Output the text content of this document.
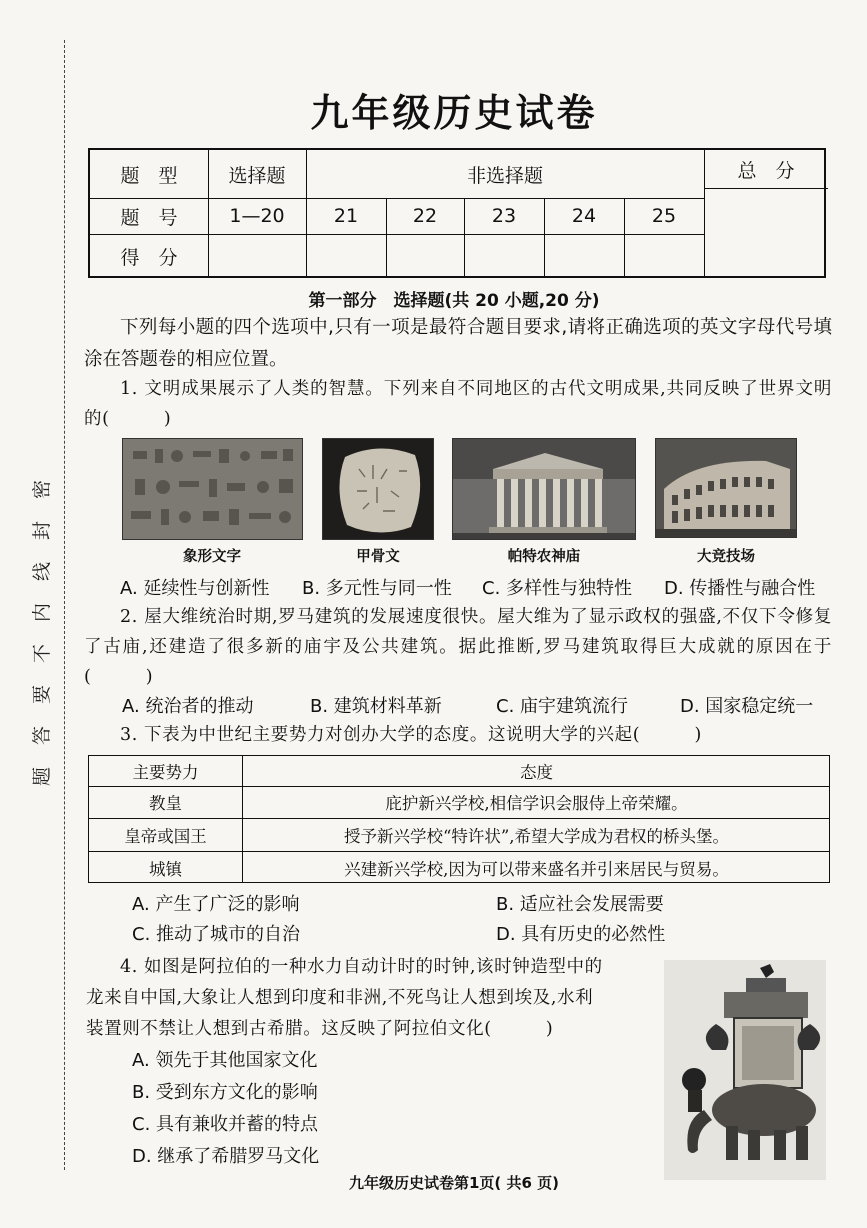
密
封
线
内
不
要
答
题
九年级历史试卷
题　型	选择题	非选择题	总　分
题　号	1—20	21	22	23	24	25
得　分
第一部分　选择题(共 20 小题,20 分)
下列每小题的四个选项中,只有一项是最符合题目要求,请将正确选项的英文字母代号填涂在答题卷的相应位置。
1. 文明成果展示了人类的智慧。下列来自不同地区的古代文明成果,共同反映了世界文明的(　　　)
象形文字	甲骨文	帕特农神庙	大竞技场
A. 延续性与创新性 B. 多元性与同一性 C. 多样性与独特性 D. 传播性与融合性
2. 屋大维统治时期,罗马建筑的发展速度很快。屋大维为了显示政权的强盛,不仅下令修复了古庙,还建造了很多新的庙宇及公共建筑。据此推断,罗马建筑取得巨大成就的原因在于(　　　)
A. 统治者的推动	B. 建筑材料革新	C. 庙宇建筑流行	D. 国家稳定统一
3. 下表为中世纪主要势力对创办大学的态度。这说明大学的兴起(　　　)
主要势力	态度
教皇	庇护新兴学校,相信学识会服侍上帝荣耀。
皇帝或国王	授予新兴学校“特许状”,希望大学成为君权的桥头堡。
城镇	兴建新兴学校,因为可以带来盛名并引来居民与贸易。
A. 产生了广泛的影响	B. 适应社会发展需要
C. 推动了城市的自治	D. 具有历史的必然性
4. 如图是阿拉伯的一种水力自动计时的时钟,该时钟造型中的
龙来自中国,大象让人想到印度和非洲,不死鸟让人想到埃及,水利
装置则不禁让人想到古希腊。这反映了阿拉伯文化(　　　)
A. 领先于其他国家文化
B. 受到东方文化的影响
C. 具有兼收并蓄的特点
D. 继承了希腊罗马文化
九年级历史试卷第1页( 共6 页)
